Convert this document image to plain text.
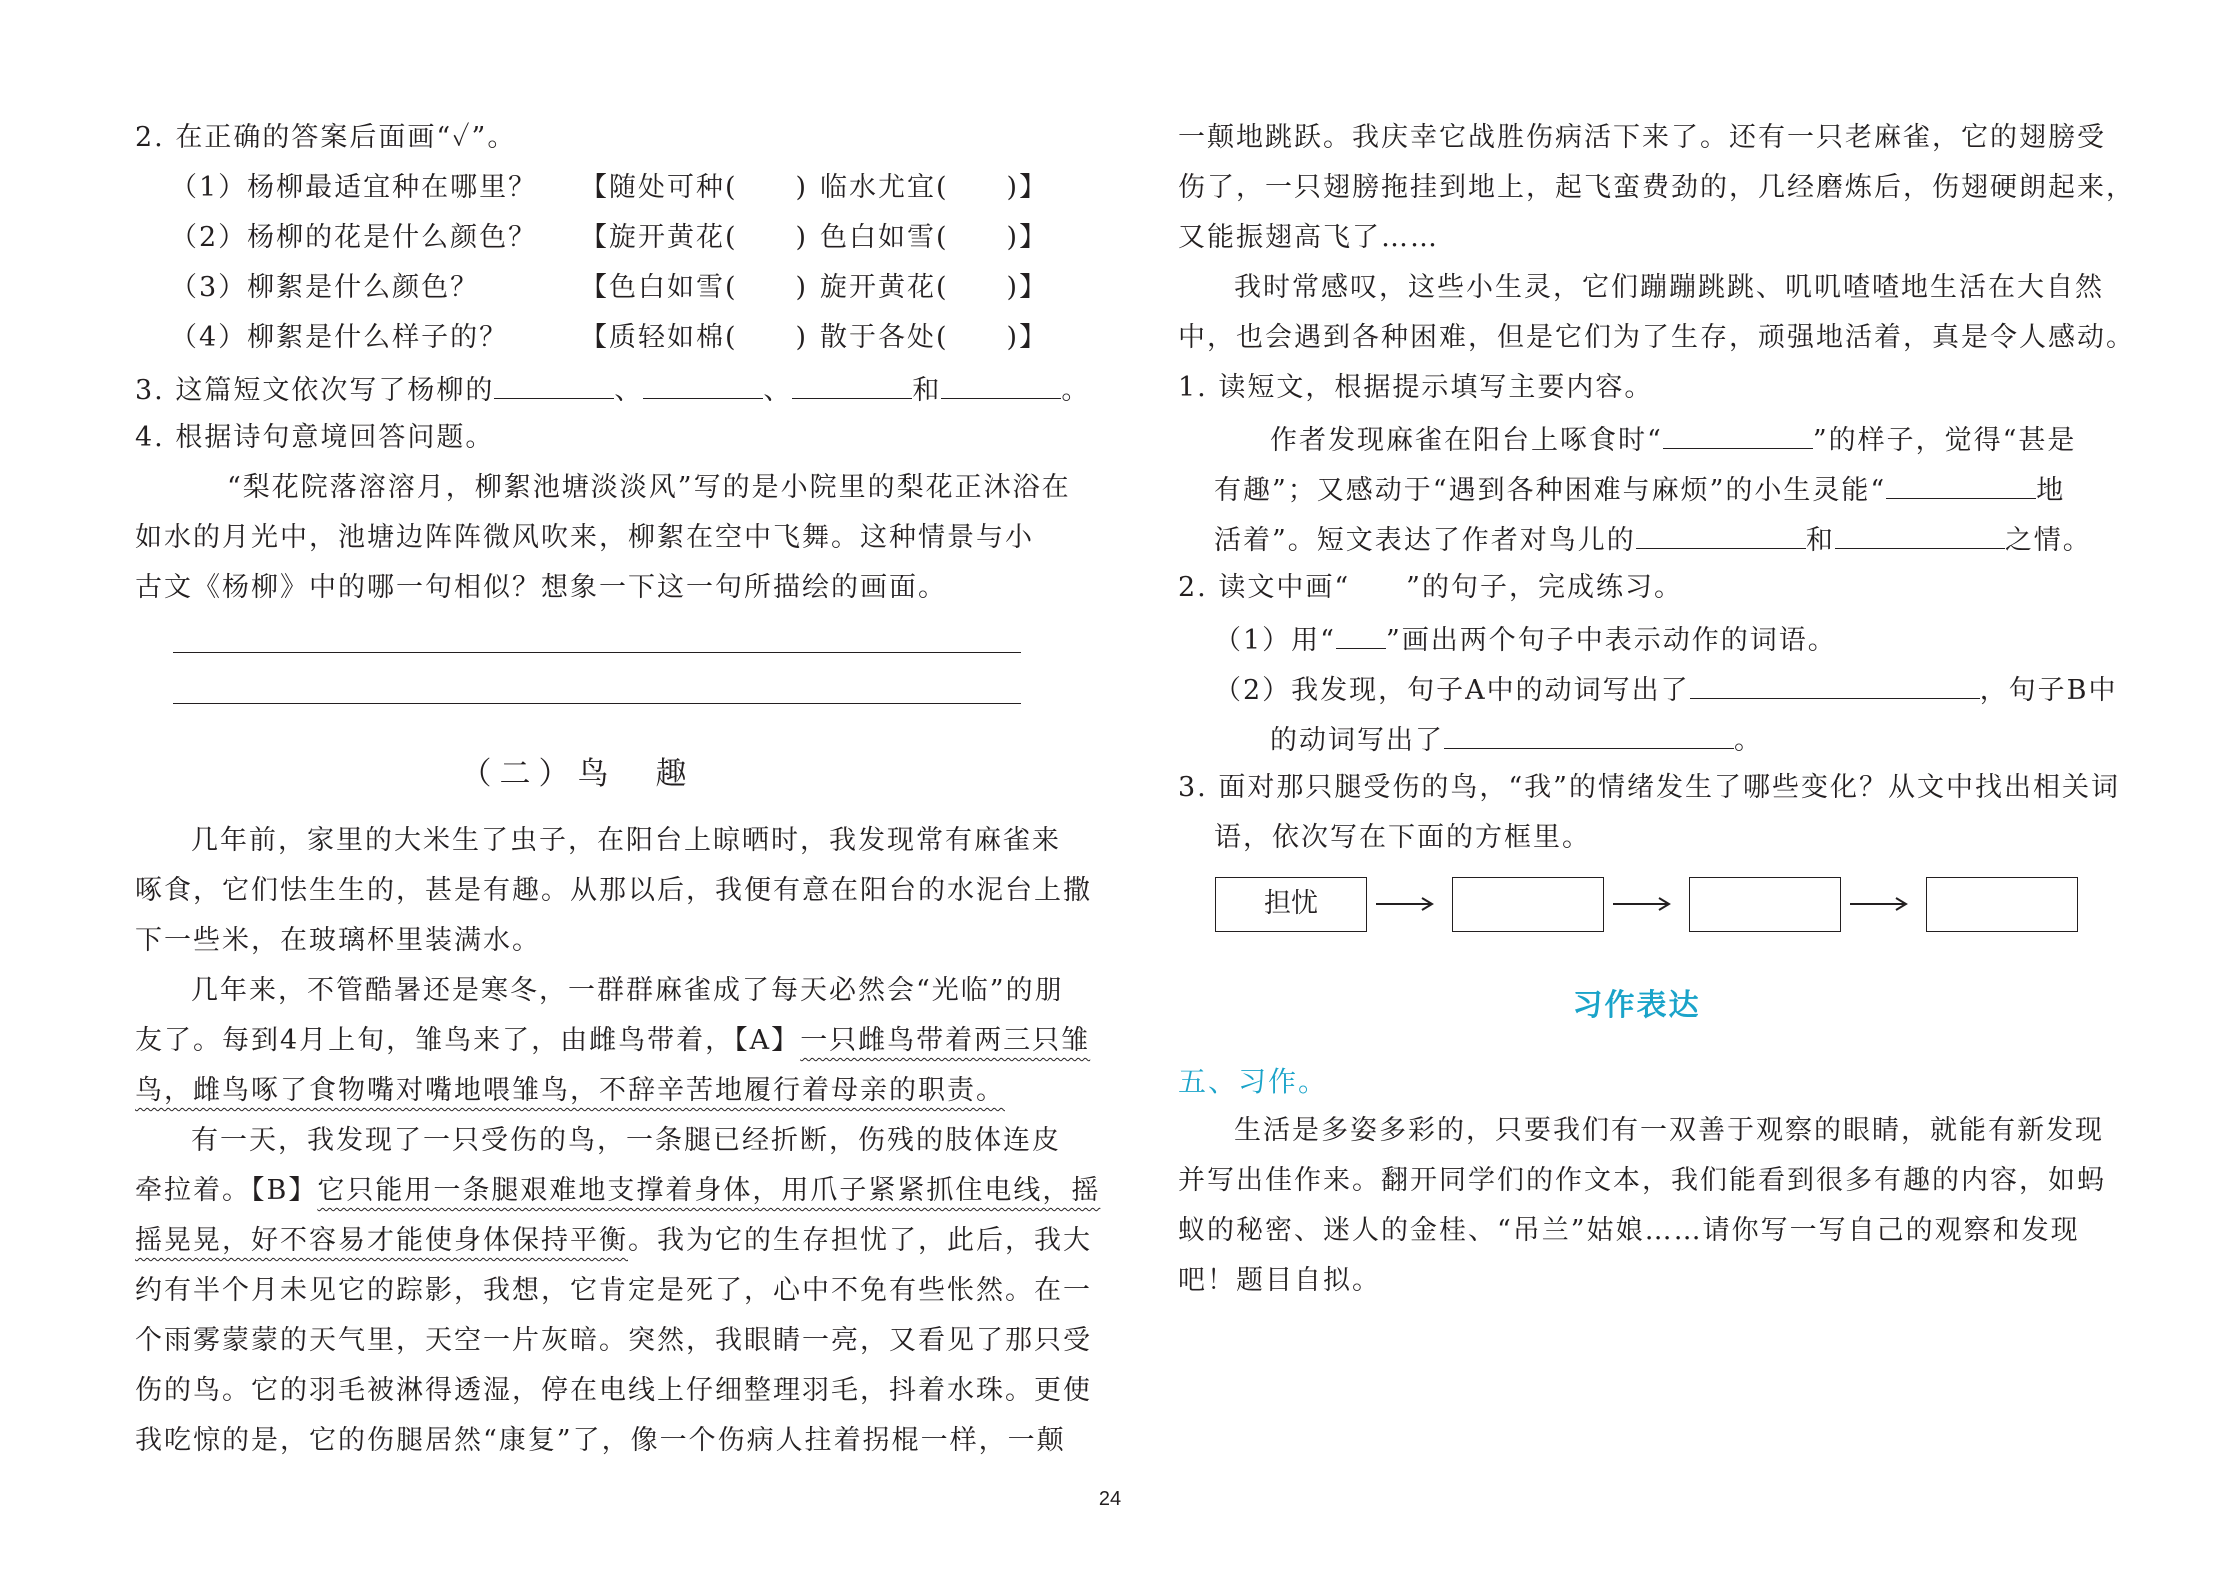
2. 在正确的答案后面画“✓”。
（1）杨柳最适宜种在哪里？ 【随处可种(　　) 临水尤宜(　　)】
（2）杨柳的花是什么颜色？ 【旋开黄花(　　) 色白如雪(　　)】
（3）柳絮是什么颜色？	【色白如雪(　　) 旋开黄花(　　)】
（4）柳絮是什么样子的？	【质轻如棉(　　) 散于各处(　　)】
3. 这篇短文依次写了杨柳的	、	、	和	。
4. 根据诗句意境回答问题。
“梨花院落溶溶月，柳絮池塘淡淡风”写的是小院里的梨花正沐浴在
如水的月光中，池塘边阵阵微风吹来，柳絮在空中飞舞。这种情景与小
古文《杨柳》中的哪一句相似？想象一下这一句所描绘的画面。
（二）鸟　趣
几年前，家里的大米生了虫子，在阳台上晾晒时，我发现常有麻雀来
啄食，它们怯生生的，甚是有趣。从那以后，我便有意在阳台的水泥台上撒
下一些米，在玻璃杯里装满水。
几年来，不管酷暑还是寒冬，一群群麻雀成了每天必然会“光临”的朋
友了。每到4月上旬，雏鸟来了，由雌鸟带着，【A】一只雌鸟带着两三只雏
鸟，雌鸟啄了食物嘴对嘴地喂雏鸟，不辞辛苦地履行着母亲的职责。
有一天，我发现了一只受伤的鸟，一条腿已经折断，伤残的肢体连皮
牵拉着。【B】它只能用一条腿艰难地支撑着身体，用爪子紧紧抓住电线，摇
摇晃晃，好不容易才能使身体保持平衡。我为它的生存担忧了，此后，我大
约有半个月未见它的踪影，我想，它肯定是死了，心中不免有些怅然。在一
个雨雾蒙蒙的天气里，天空一片灰暗。突然，我眼睛一亮，又看见了那只受
伤的鸟。它的羽毛被淋得透湿，停在电线上仔细整理羽毛，抖着水珠。更使
我吃惊的是，它的伤腿居然“康复”了，像一个伤病人拄着拐棍一样，一颠
一颠地跳跃。我庆幸它战胜伤病活下来了。还有一只老麻雀，它的翅膀受
伤了，一只翅膀拖挂到地上，起飞蛮费劲的，几经磨炼后，伤翅硬朗起来，
又能振翅高飞了……
我时常感叹，这些小生灵，它们蹦蹦跳跳、叽叽喳喳地生活在大自然
中，也会遇到各种困难，但是它们为了生存，顽强地活着，真是令人感动。
1. 读短文，根据提示填写主要内容。
作者发现麻雀在阳台上啄食时“	”的样子，觉得“甚是
有趣”；又感动于“遇到各种困难与麻烦”的小生灵能“	地
活着”。短文表达了作者对鸟儿的	和	之情。
2. 读文中画“ ”的句子，完成练习。
（1）用“ ”画出两个句子中表示动作的词语。
（2）我发现，句子A中的动词写出了	，句子B中
的动词写出了	。
3. 面对那只腿受伤的鸟，“我”的情绪发生了哪些变化？从文中找出相关词
语，依次写在下面的方框里。
担忧
习作表达
五、习作。
生活是多姿多彩的，只要我们有一双善于观察的眼睛，就能有新发现
并写出佳作来。翻开同学们的作文本，我们能看到很多有趣的内容，如蚂
蚁的秘密、迷人的金桂、“吊兰”姑娘……请你写一写自己的观察和发现
吧！题目自拟。
24
